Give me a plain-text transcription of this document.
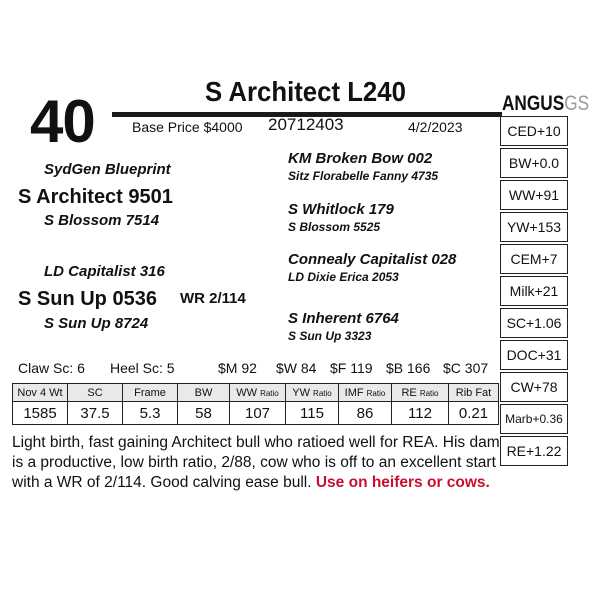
40	S Architect L240
Base Price $4000 20712403	4/2/2023
ANGUSGS
CED+10
BW+0.0
WW+91
YW+153
CEM+7
Milk+21
SC+1.06
DOC+31
CW+78
Marb+0.36
RE+1.22
SydGen Blueprint
S Architect 9501
S Blossom 7514
KM Broken Bow 002
Sitz Florabelle Fanny 4735
S Whitlock 179
S Blossom 5525
LD Capitalist 316
S Sun Up 0536 WR 2/114
S Sun Up 8724
Connealy Capitalist 028
LD Dixie Erica 2053
S Inherent 6764
S Sun Up 3323
Claw Sc: 6 Heel Sc: 5	$M 92 $W 84 $F 119 $B 166 $C 307
Nov 4 Wt	SC	Frame	BW	WW Ratio	YW Ratio	IMF Ratio	RE Ratio	Rib Fat
1585	37.5	5.3	58	107	115	86	112	0.21
Light birth, fast gaining Architect bull who ratioed well for REA. His dam is a productive, low birth ratio, 2/88, cow who is off to an excellent start with a WR of 2/114. Good calving ease bull. Use on heifers or cows.
